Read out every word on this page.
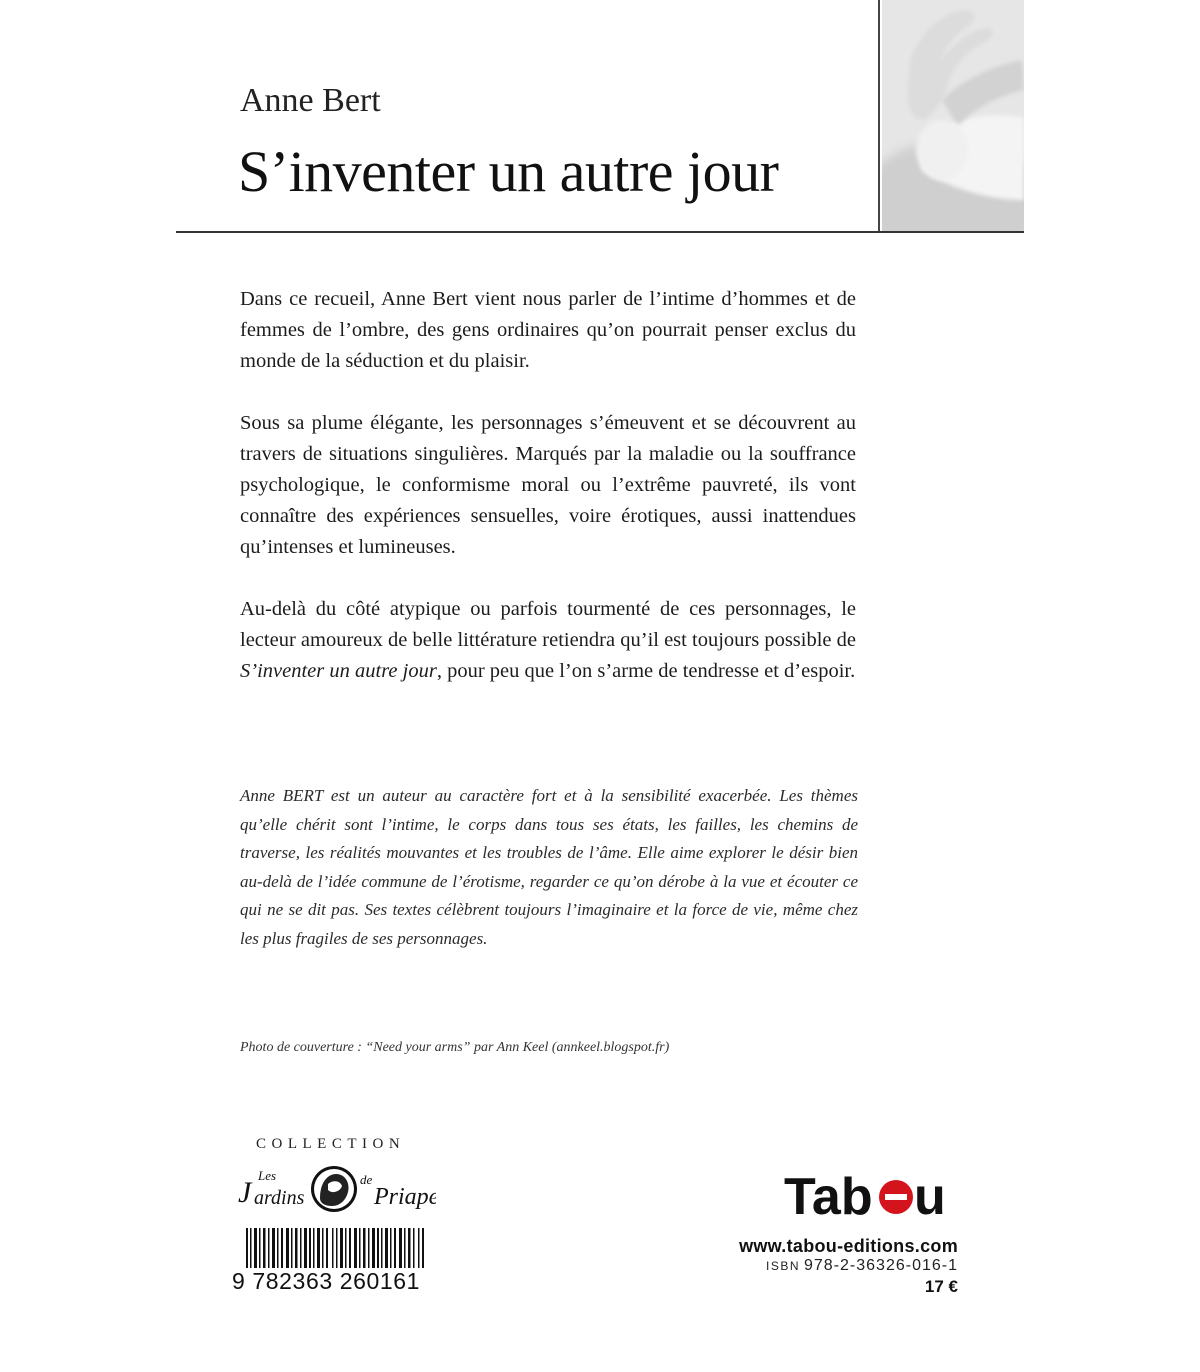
Anne Bert
S’inventer un autre jour

Dans ce recueil, Anne Bert vient nous parler de l’intime d’hommes et de femmes de l’ombre, des gens ordinaires qu’on pourrait penser exclus du monde de la séduction et du plaisir.

Sous sa plume élégante, les personnages s’émeuvent et se découvrent au travers de situations singulières. Marqués par la maladie ou la souffrance psychologique, le conformisme moral ou l’extrême pauvreté, ils vont connaître des expériences sensuelles, voire érotiques, aussi inattendues qu’intenses et lumineuses.

Au-delà du côté atypique ou parfois tourmenté de ces personnages, le lecteur amoureux de belle littérature retiendra qu’il est toujours possible de S’inventer un autre jour, pour peu que l’on s’arme de tendresse et d’espoir.

Anne BERT est un auteur au caractère fort et à la sensibilité exacerbée. Les thèmes qu’elle chérit sont l’intime, le corps dans tous ses états, les failles, les chemins de traverse, les réalités mouvantes et les troubles de l’âme. Elle aime explorer le désir bien au-delà de l’idée commune de l’érotisme, regarder ce qu’on dérobe à la vue et écouter ce qui ne se dit pas. Ses textes célèbrent toujours l’imaginaire et la force de vie, même chez les plus fragiles de ses personnages.
Photo de couverture : “Need your arms” par Ann Keel (annkeel.blogspot.fr)
COLLECTION
J
Les
ardins
de
Priape
9 782363 260161
Tab u
www.tabou-editions.com
ISBN 978-2-36326-016-1
17 €
